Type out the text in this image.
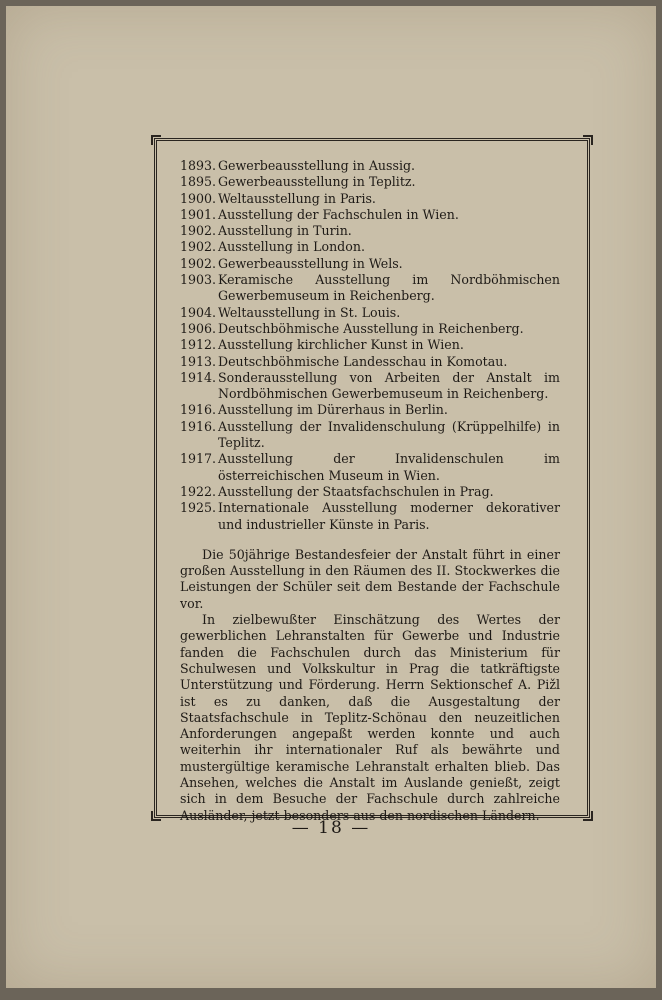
1893. Gewerbeausstellung in Aussig.
1895. Gewerbeausstellung in Teplitz.
1900. Weltausstellung in Paris.
1901. Ausstellung der Fachschulen in Wien.
1902. Ausstellung in Turin.
1902. Ausstellung in London.
1902. Gewerbeausstellung in Wels.
1903. Keramische Ausstellung im Nordböhmischen Gewerbemuseum in Reichenberg.
1904. Weltausstellung in St. Louis.
1906. Deutschböhmische Ausstellung in Reichenberg.
1912. Ausstellung kirchlicher Kunst in Wien.
1913. Deutschböhmische Landesschau in Komotau.
1914. Sonderausstellung von Arbeiten der Anstalt im Nordböhmischen Gewerbemuseum in Reichenberg.
1916. Ausstellung im Dürerhaus in Berlin.
1916. Ausstellung der Invalidenschulung (Krüppelhilfe) in Teplitz.
1917. Ausstellung der Invalidenschulen im österreichischen Museum in Wien.
1922. Ausstellung der Staatsfachschulen in Prag.
1925. Internationale Ausstellung moderner dekorativer und industrieller Künste in Paris.

Die 50jährige Bestandesfeier der Anstalt führt in einer großen Ausstellung in den Räumen des II. Stockwerkes die Leistungen der Schüler seit dem Bestande der Fachschule vor.

In zielbewußter Einschätzung des Wertes der gewerblichen Lehranstalten für Gewerbe und Industrie fanden die Fachschulen durch das Ministerium für Schulwesen und Volkskultur in Prag die tatkräftigste Unterstützung und Förderung. Herrn Sektionschef A. Pižl ist es zu danken, daß die Ausgestaltung der Staatsfachschule in Teplitz-Schönau den neuzeitlichen Anforderungen angepaßt werden konnte und auch weiterhin ihr internationaler Ruf als bewährte und mustergültige keramische Lehranstalt erhalten blieb. Das Ansehen, welches die Anstalt im Auslande genießt, zeigt sich in dem Besuche der Fachschule durch zahlreiche Ausländer, jetzt besonders aus den nordischen Ländern.

— 18 —
